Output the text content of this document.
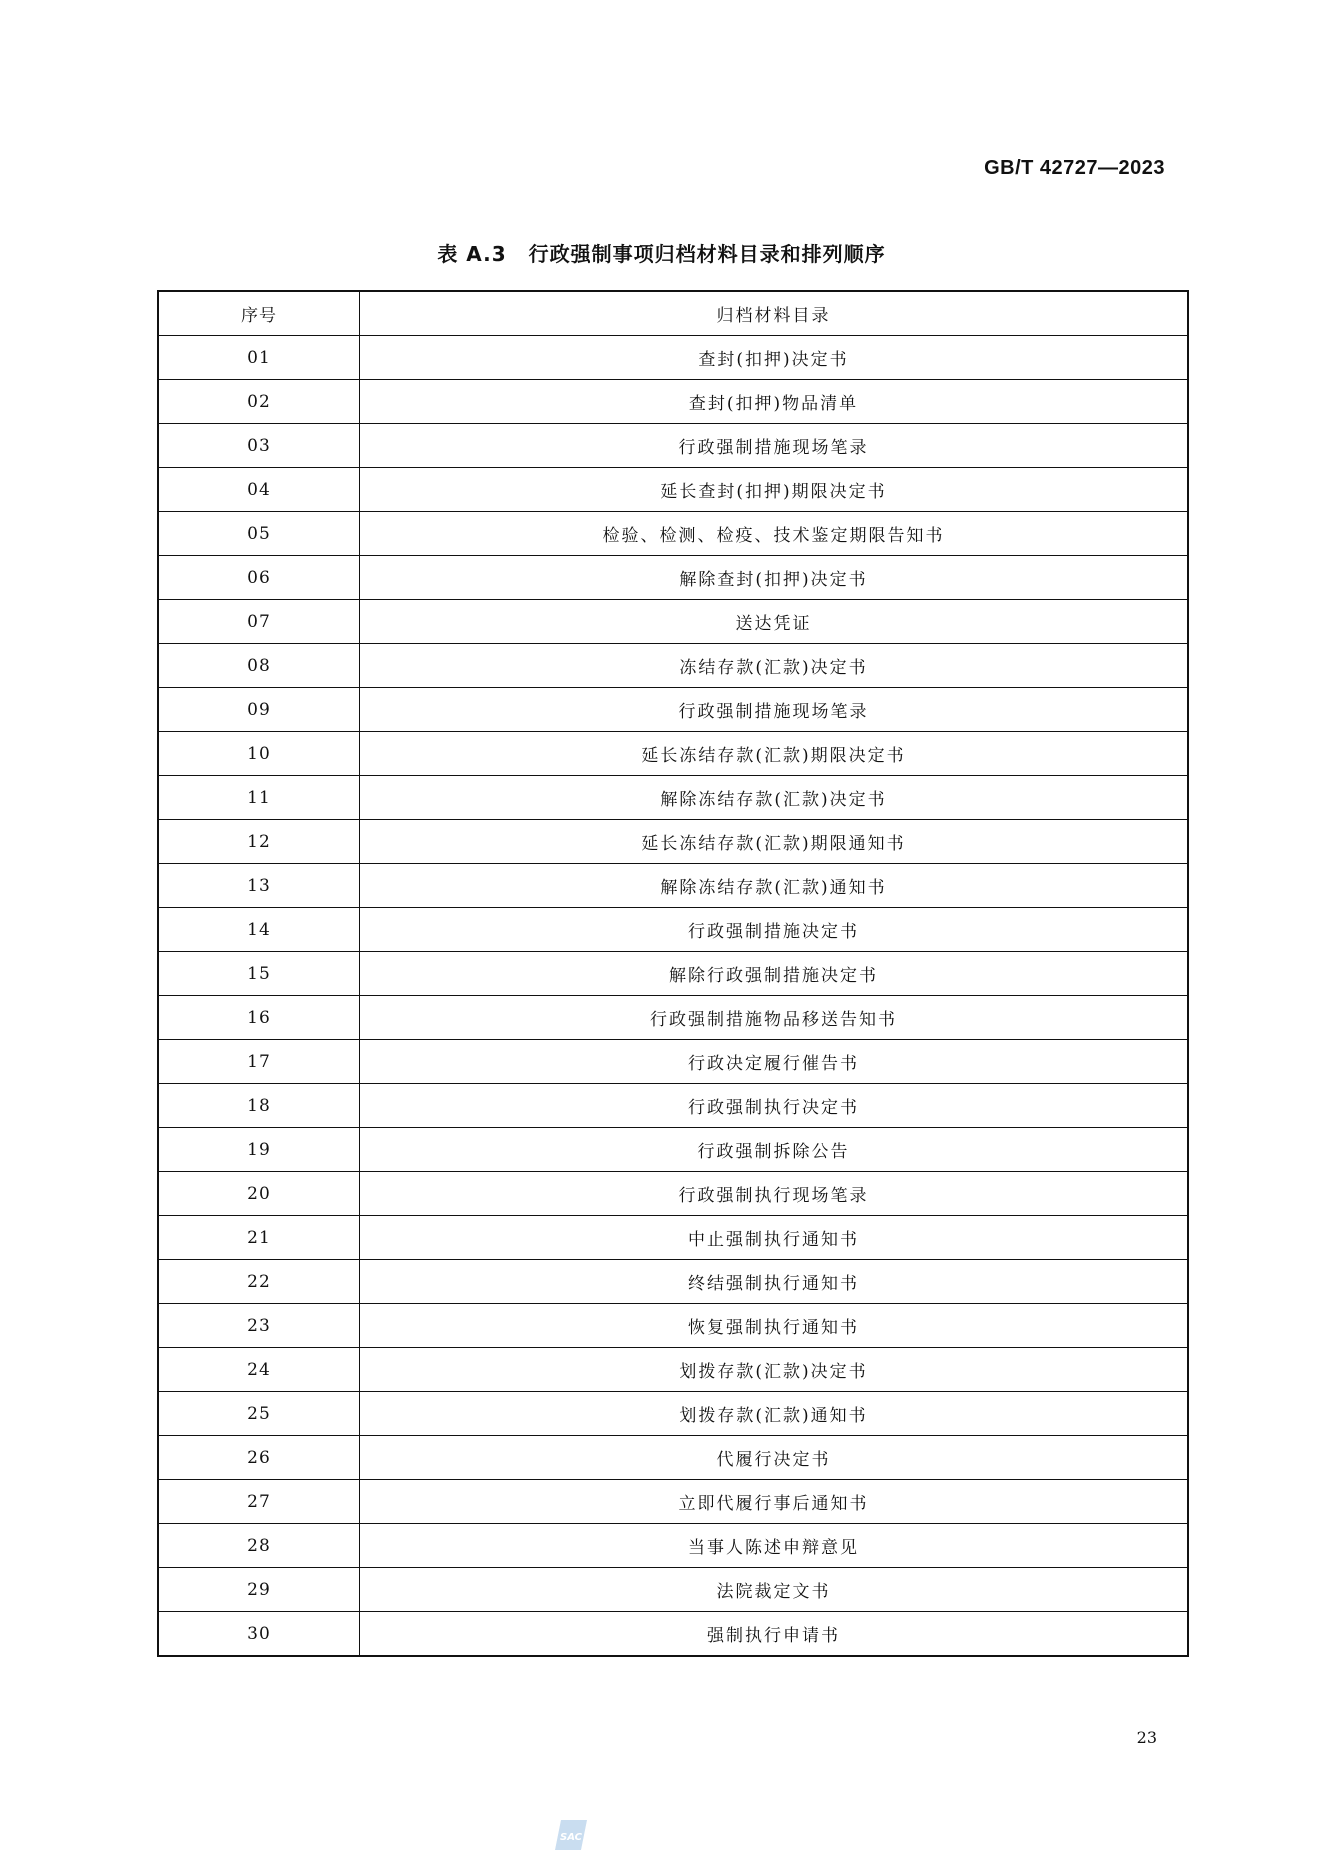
GB/T 42727—2023
表 A.3 行政强制事项归档材料目录和排列顺序
序号	归档材料目录
01	查封(扣押)决定书
02	查封(扣押)物品清单
03	行政强制措施现场笔录
04	延长查封(扣押)期限决定书
05	检验、检测、检疫、技术鉴定期限告知书
06	解除查封(扣押)决定书
07	送达凭证
08	冻结存款(汇款)决定书
09	行政强制措施现场笔录
10	延长冻结存款(汇款)期限决定书
11	解除冻结存款(汇款)决定书
12	延长冻结存款(汇款)期限通知书
13	解除冻结存款(汇款)通知书
14	行政强制措施决定书
15	解除行政强制措施决定书
16	行政强制措施物品移送告知书
17	行政决定履行催告书
18	行政强制执行决定书
19	行政强制拆除公告
20	行政强制执行现场笔录
21	中止强制执行通知书
22	终结强制执行通知书
23	恢复强制执行通知书
24	划拨存款(汇款)决定书
25	划拨存款(汇款)通知书
26	代履行决定书
27	立即代履行事后通知书
28	当事人陈述申辩意见
29	法院裁定文书
30	强制执行申请书
23
SAC
